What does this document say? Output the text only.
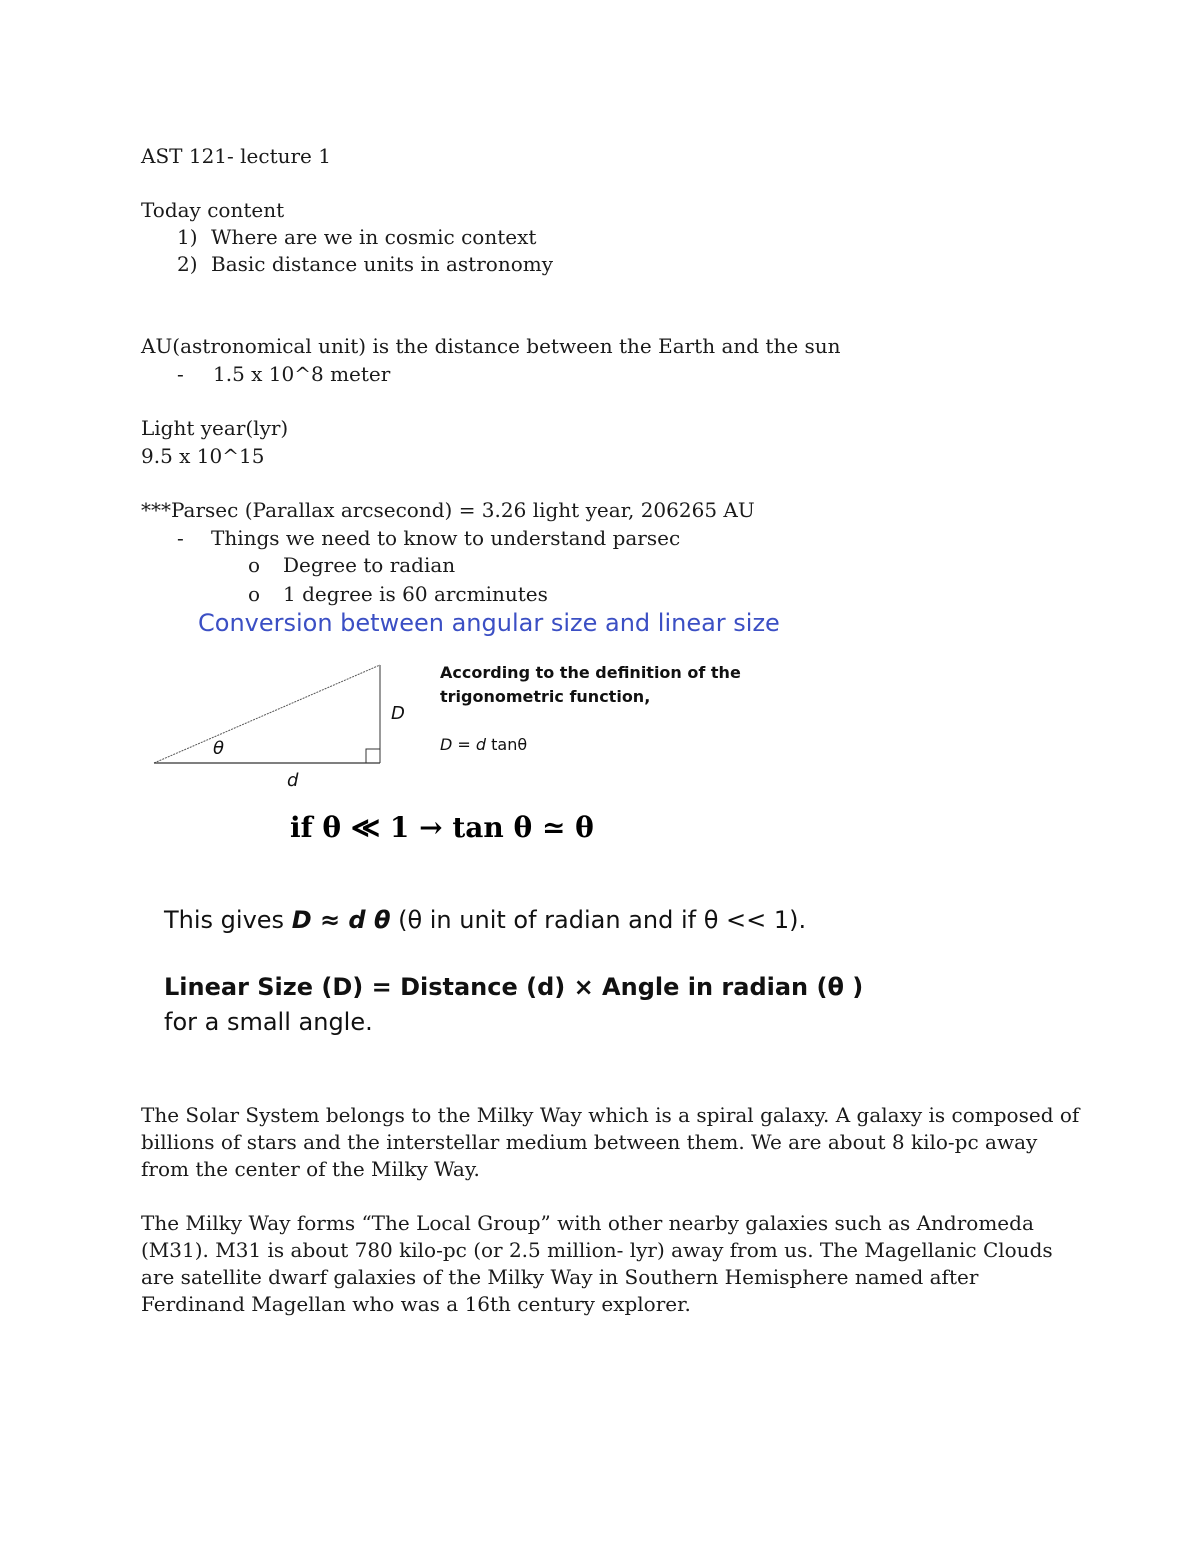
AST 121- lecture 1
Today content
1) Where are we in cosmic context
2) Basic distance units in astronomy
AU(astronomical unit) is the distance between the Earth and the sun
- 1.5 x 10^8 meter
Light year(lyr)
9.5 x 10^15
***Parsec (Parallax arcsecond) = 3.26 light year, 206265 AU
- Things we need to know to understand parsec
o Degree to radian
o 1 degree is 60 arcminutes
Conversion between angular size and linear size
D
θ
d
According to the definition of the
trigonometric function,
D = d tanθ
if θ ≪ 1 → tan θ ≃ θ
This gives D ≈ d θ (θ in unit of radian and if θ << 1).
Linear Size (D) = Distance (d) × Angle in radian (θ )
for a small angle.
The Solar System belongs to the Milky Way which is a spiral galaxy. A galaxy is composed of billions of stars and the interstellar medium between them. We are about 8 kilo-pc away from the center of the Milky Way.
The Milky Way forms “The Local Group” with other nearby galaxies such as Andromeda (M31). M31 is about 780 kilo-pc (or 2.5 million- lyr) away from us. The Magellanic Clouds are satellite dwarf galaxies of the Milky Way in Southern Hemisphere named after Ferdinand Magellan who was a 16th century explorer.
